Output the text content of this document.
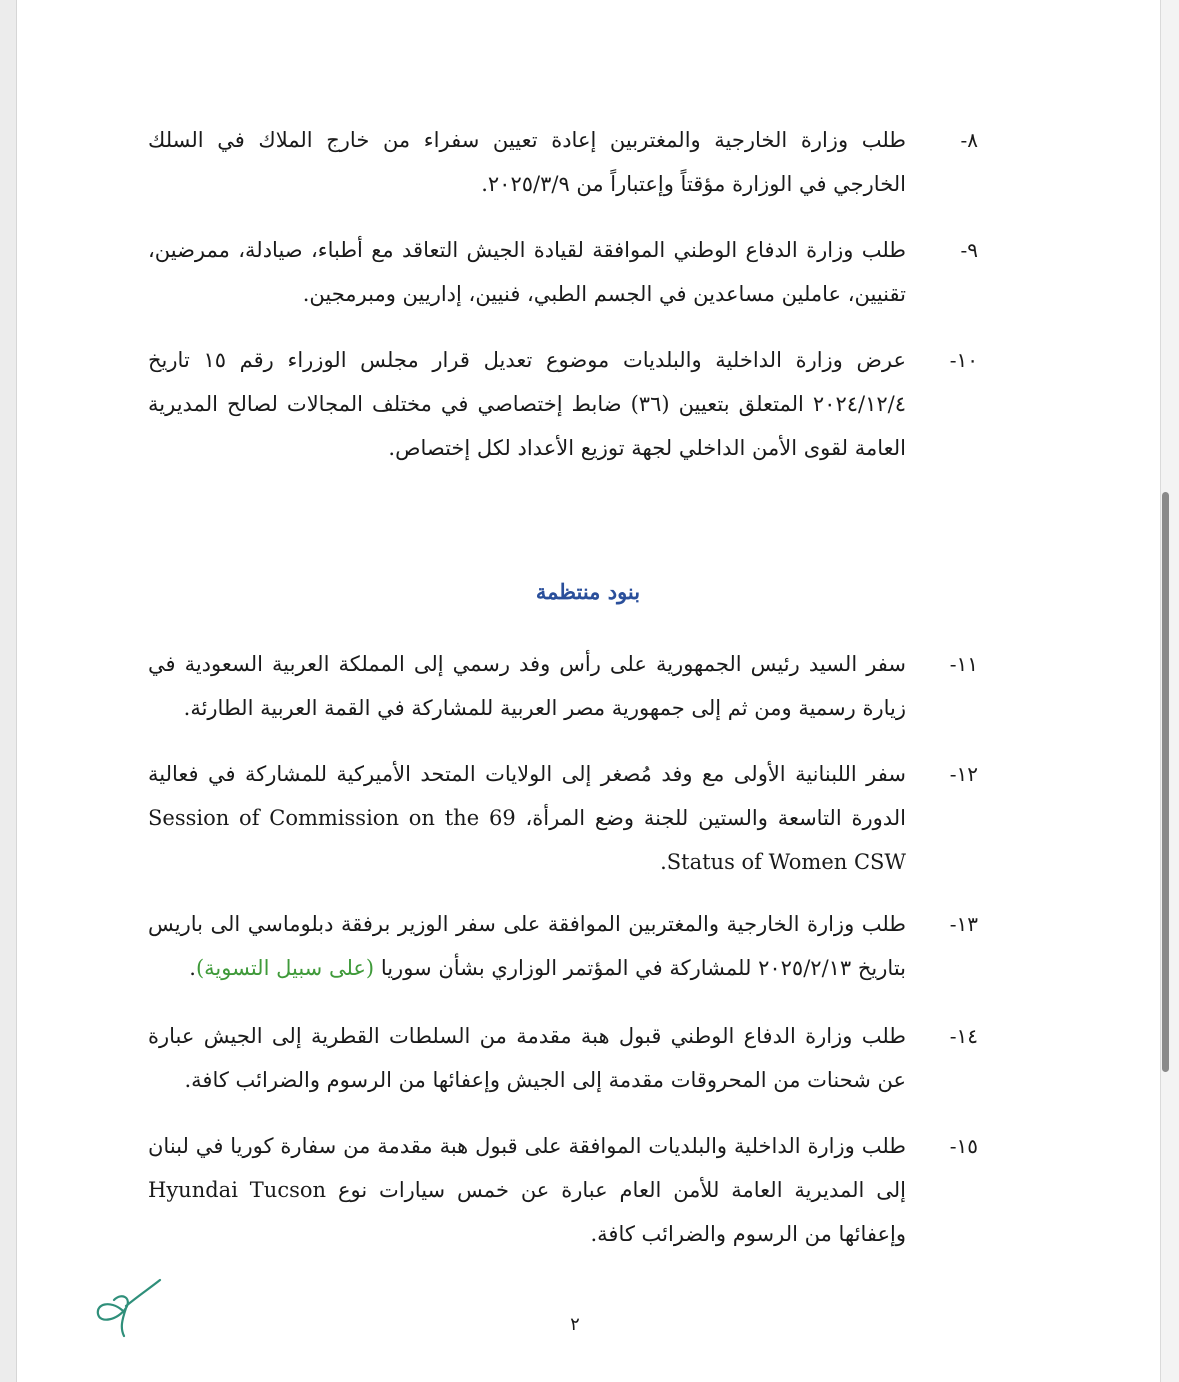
٨-
طلب وزارة الخارجية والمغتربين إعادة تعيين سفراء من خارج الملاك في السلك الخارجي في الوزارة مؤقتاً وإعتباراً من ٢٠٢٥/٣/٩.
٩-
طلب وزارة الدفاع الوطني الموافقة لقيادة الجيش التعاقد مع أطباء، صيادلة، ممرضين، تقنيين، عاملين مساعدين في الجسم الطبي، فنيين، إداريين ومبرمجين.
١٠-
عرض وزارة الداخلية والبلديات موضوع تعديل قرار مجلس الوزراء رقم ١٥ تاريخ ٢٠٢٤/١٢/٤ المتعلق بتعيين (٣٦) ضابط إختصاصي في مختلف المجالات لصالح المديرية العامة لقوى الأمن الداخلي لجهة توزيع الأعداد لكل إختصاص.
بنود منتظمة
١١-
سفر السيد رئيس الجمهورية على رأس وفد رسمي إلى المملكة العربية السعودية في زيارة رسمية ومن ثم إلى جمهورية مصر العربية للمشاركة في القمة العربية الطارئة.
١٢-
سفر اللبنانية الأولى مع وفد مُصغر إلى الولايات المتحد الأميركية للمشاركة في فعالية الدورة التاسعة والستين للجنة وضع المرأة، 69 Session of Commission on the Status of Women CSW.
١٣-
طلب وزارة الخارجية والمغتربين الموافقة على سفر الوزير برفقة دبلوماسي الى باريس بتاريخ ٢٠٢٥/٢/١٣ للمشاركة في المؤتمر الوزاري بشأن سوريا (على سبيل التسوية).
١٤-
طلب وزارة الدفاع الوطني قبول هبة مقدمة من السلطات القطرية إلى الجيش عبارة عن شحنات من المحروقات مقدمة إلى الجيش وإعفائها من الرسوم والضرائب كافة.
١٥-
طلب وزارة الداخلية والبلديات الموافقة على قبول هبة مقدمة من سفارة كوريا في لبنان إلى المديرية العامة للأمن العام عبارة عن خمس سيارات نوع Hyundai Tucson وإعفائها من الرسوم والضرائب كافة.
٢
